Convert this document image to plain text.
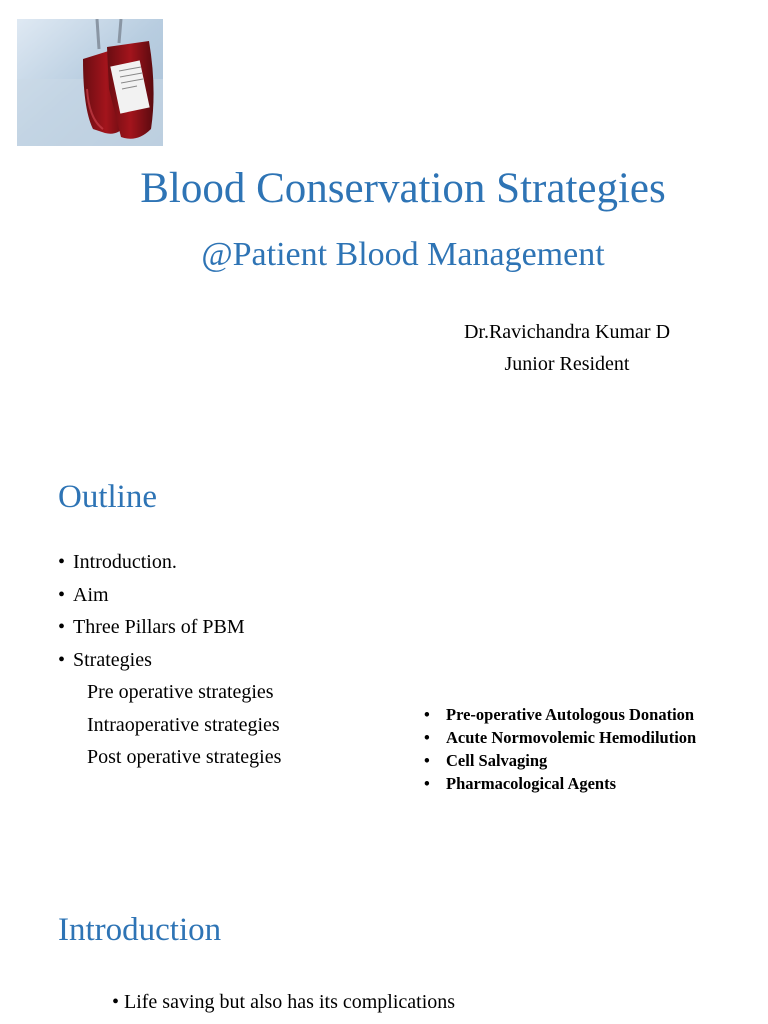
Blood Conservation Strategies
@Patient Blood Management
Dr.Ravichandra Kumar D
Junior Resident
Outline
• Introduction.
• Aim
• Three Pillars of PBM
• Strategies
Pre operative strategies
Intraoperative strategies
Post operative strategies
• Pre-operative Autologous Donation
• Acute Normovolemic Hemodilution
• Cell Salvaging
• Pharmacological Agents
Introduction
• Life saving but also has its complications
